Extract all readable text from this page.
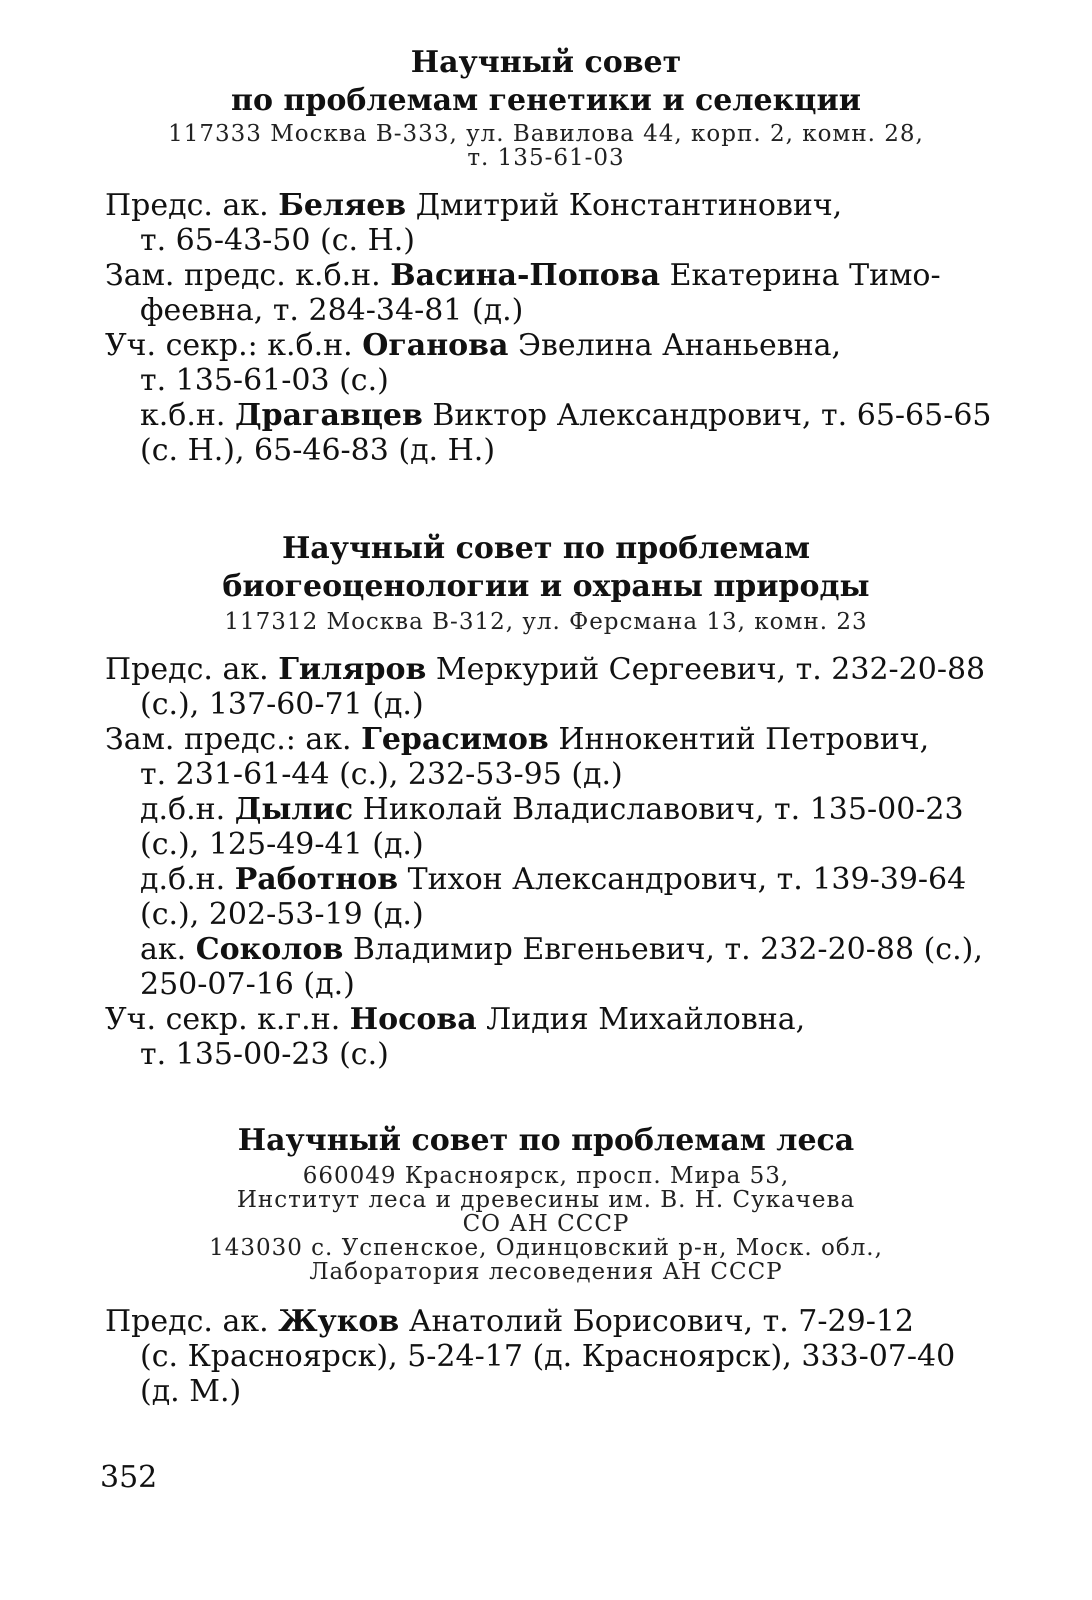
Научный совет

по проблемам генетики и селекции

117333 Москва В-333, ул. Вавилова 44, корп. 2, комн. 28,

т. 135-61-03

Предс. ак. Беляев Дмитрий Константинович,
т. 65-43-50 (с. Н.)

Зам. предс. к.б.н. Васина-Попова Екатерина Тимо-
феевна, т. 284-34-81 (д.)

Уч. секр.: к.б.н. Оганова Эвелина Ананьевна,
т. 135-61-03 (с.)

к.б.н. Драгавцев Виктор Александрович, т. 65-65-65
(с. Н.), 65-46-83 (д. Н.)

Научный совет по проблемам

биогеоценологии и охраны природы

117312 Москва В-312, ул. Ферсмана 13, комн. 23

Предс. ак. Гиляров Меркурий Сергеевич, т. 232-20-88
(с.), 137-60-71 (д.)

Зам. предс.: ак. Герасимов Иннокентий Петрович,
т. 231-61-44 (с.), 232-53-95 (д.)

д.б.н. Дылис Николай Владиславович, т. 135-00-23
(с.), 125-49-41 (д.)

д.б.н. Работнов Тихон Александрович, т. 139-39-64
(с.), 202-53-19 (д.)

ак. Соколов Владимир Евгеньевич, т. 232-20-88 (с.),
250-07-16 (д.)

Уч. секр. к.г.н. Носова Лидия Михайловна,
т. 135-00-23 (с.)

Научный совет по проблемам леса

660049 Красноярск, просп. Мира 53,

Институт леса и древесины им. В. Н. Сукачева

СО АН СССР

143030 с. Успенское, Одинцовский р-н, Моск. обл.,

Лаборатория лесоведения АН СССР

Предс. ак. Жуков Анатолий Борисович, т. 7-29-12
(с. Красноярск), 5-24-17 (д. Красноярск), 333-07-40
(д. М.)

352
